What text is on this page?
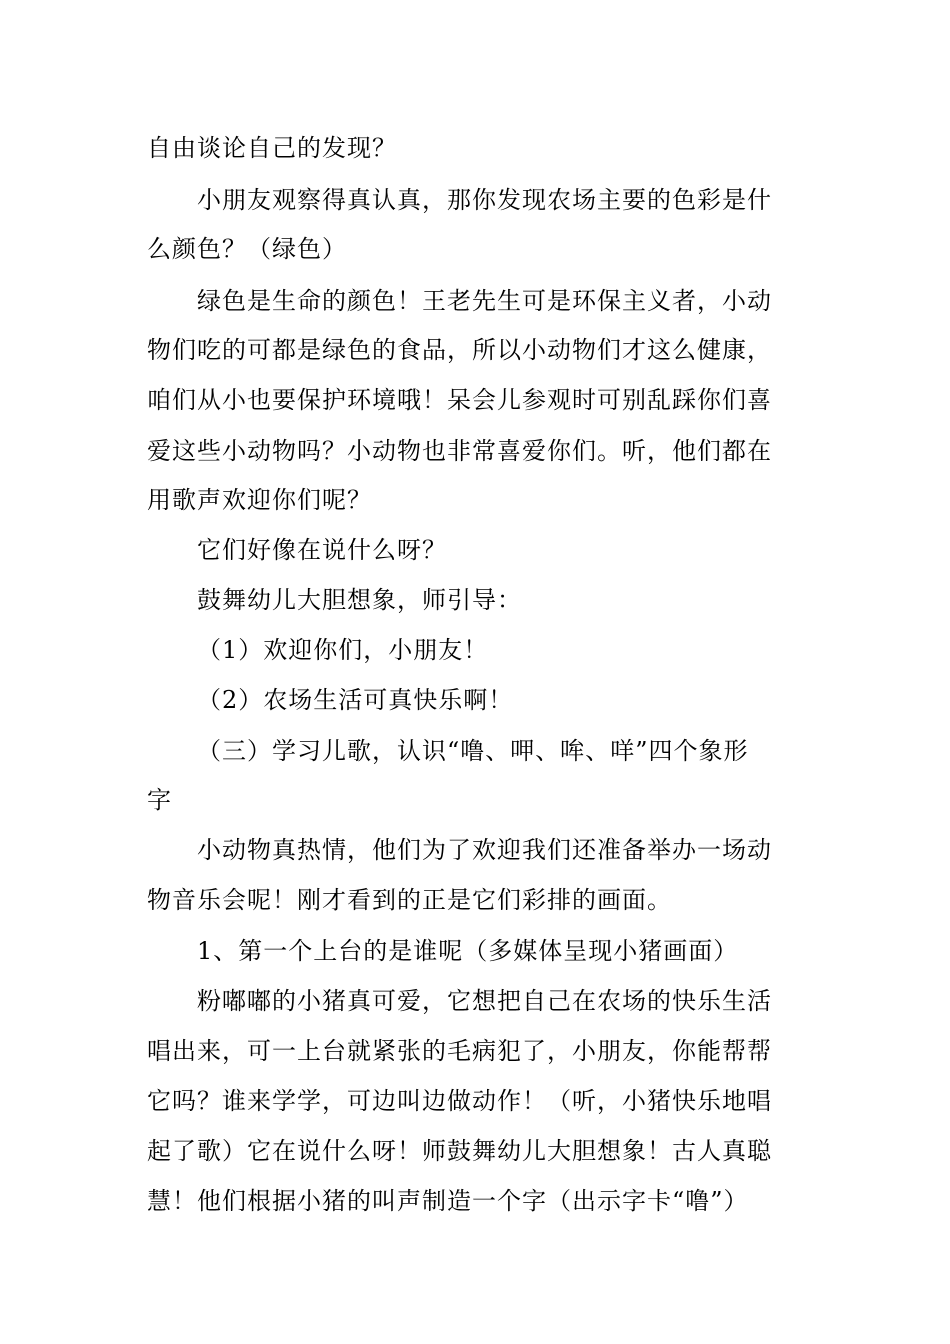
自由谈论自己的发现？
小朋友观察得真认真，那你发现农场主要的色彩是什
么颜色？（绿色）
绿色是生命的颜色！王老先生可是环保主义者，小动
物们吃的可都是绿色的食品，所以小动物们才这么健康，
咱们从小也要保护环境哦！呆会儿参观时可别乱踩你们喜
爱这些小动物吗？小动物也非常喜爱你们。听，他们都在
用歌声欢迎你们呢？
它们好像在说什么呀？
鼓舞幼儿大胆想象，师引导：
（1）欢迎你们，小朋友！
（2）农场生活可真快乐啊！
（三）学习儿歌，认识“噜、呷、哞、咩”四个象形
字
小动物真热情，他们为了欢迎我们还准备举办一场动
物音乐会呢！刚才看到的正是它们彩排的画面。
1、第一个上台的是谁呢（多媒体呈现小猪画面）
粉嘟嘟的小猪真可爱，它想把自己在农场的快乐生活
唱出来，可一上台就紧张的毛病犯了，小朋友，你能帮帮
它吗？谁来学学，可边叫边做动作！（听，小猪快乐地唱
起了歌）它在说什么呀！师鼓舞幼儿大胆想象！古人真聪
慧！他们根据小猪的叫声制造一个字（出示字卡“噜”）
